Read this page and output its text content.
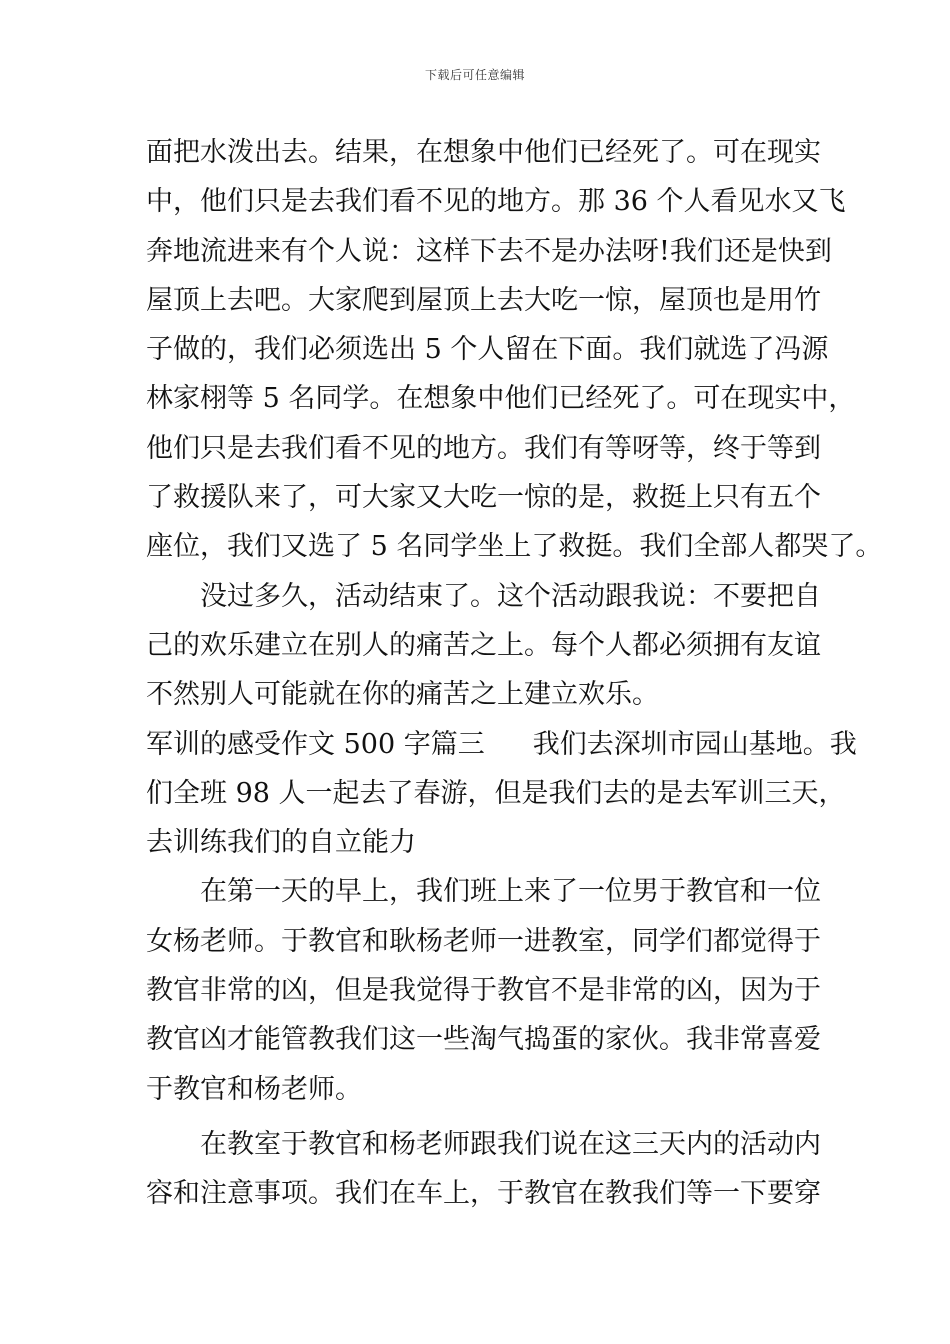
下载后可任意编辑
面把水泼出去。结果，在想象中他们已经死了。可在现实
中，他们只是去我们看不见的地方。那 36 个人看见水又飞
奔地流进来有个人说：这样下去不是办法呀!我们还是快到
屋顶上去吧。大家爬到屋顶上去大吃一惊，屋顶也是用竹
子做的，我们必须选出 5 个人留在下面。我们就选了冯源
林家栩等 5 名同学。在想象中他们已经死了。可在现实中，
他们只是去我们看不见的地方。我们有等呀等，终于等到
了救援队来了，可大家又大吃一惊的是，救挺上只有五个
座位，我们又选了 5 名同学坐上了救挺。我们全部人都哭了。
没过多久，活动结束了。这个活动跟我说：不要把自
己的欢乐建立在别人的痛苦之上。每个人都必须拥有友谊
不然别人可能就在你的痛苦之上建立欢乐。
军训的感受作文 500 字篇三 我们去深圳市园山基地。我
们全班 98 人一起去了春游，但是我们去的是去军训三天，
去训练我们的自立能力
在第一天的早上，我们班上来了一位男于教官和一位
女杨老师。于教官和耿杨老师一进教室，同学们都觉得于
教官非常的凶，但是我觉得于教官不是非常的凶，因为于
教官凶才能管教我们这一些淘气捣蛋的家伙。我非常喜爱
于教官和杨老师。
在教室于教官和杨老师跟我们说在这三天内的活动内
容和注意事项。我们在车上，于教官在教我们等一下要穿
